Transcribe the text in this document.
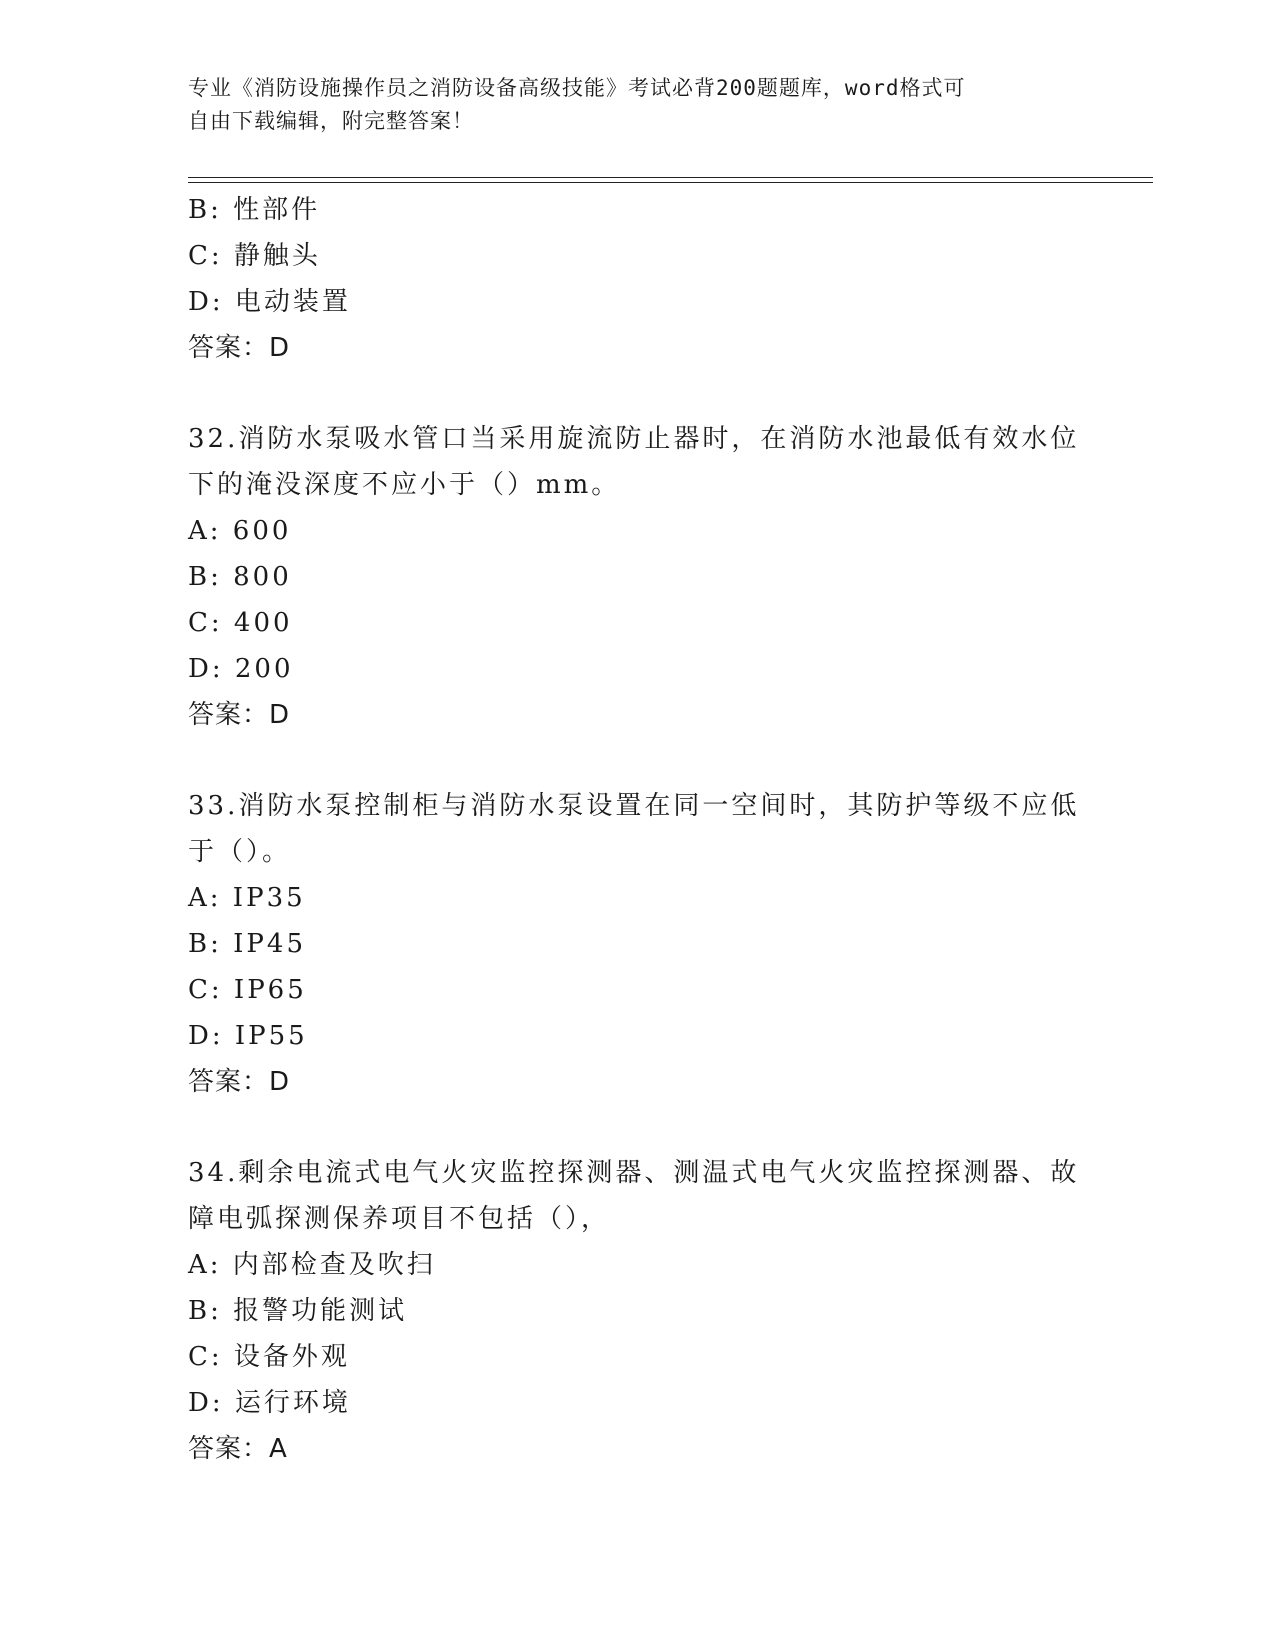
专业《消防设施操作员之消防设备高级技能》考试必背200题题库，word格式可
自由下载编辑，附完整答案！
B: 性部件
C: 静触头
D: 电动装置
答案：D
32.消防水泵吸水管口当采用旋流防止器时，在消防水池最低有效水位
下的淹没深度不应小于（）mm。
A: 600
B: 800
C: 400
D: 200
答案：D
33.消防水泵控制柜与消防水泵设置在同一空间时，其防护等级不应低
于（）。
A: IP35
B: IP45
C: IP65
D: IP55
答案：D
34.剩余电流式电气火灾监控探测器、测温式电气火灾监控探测器、故
障电弧探测保养项目不包括（），
A: 内部检查及吹扫
B: 报警功能测试
C: 设备外观
D: 运行环境
答案：A
